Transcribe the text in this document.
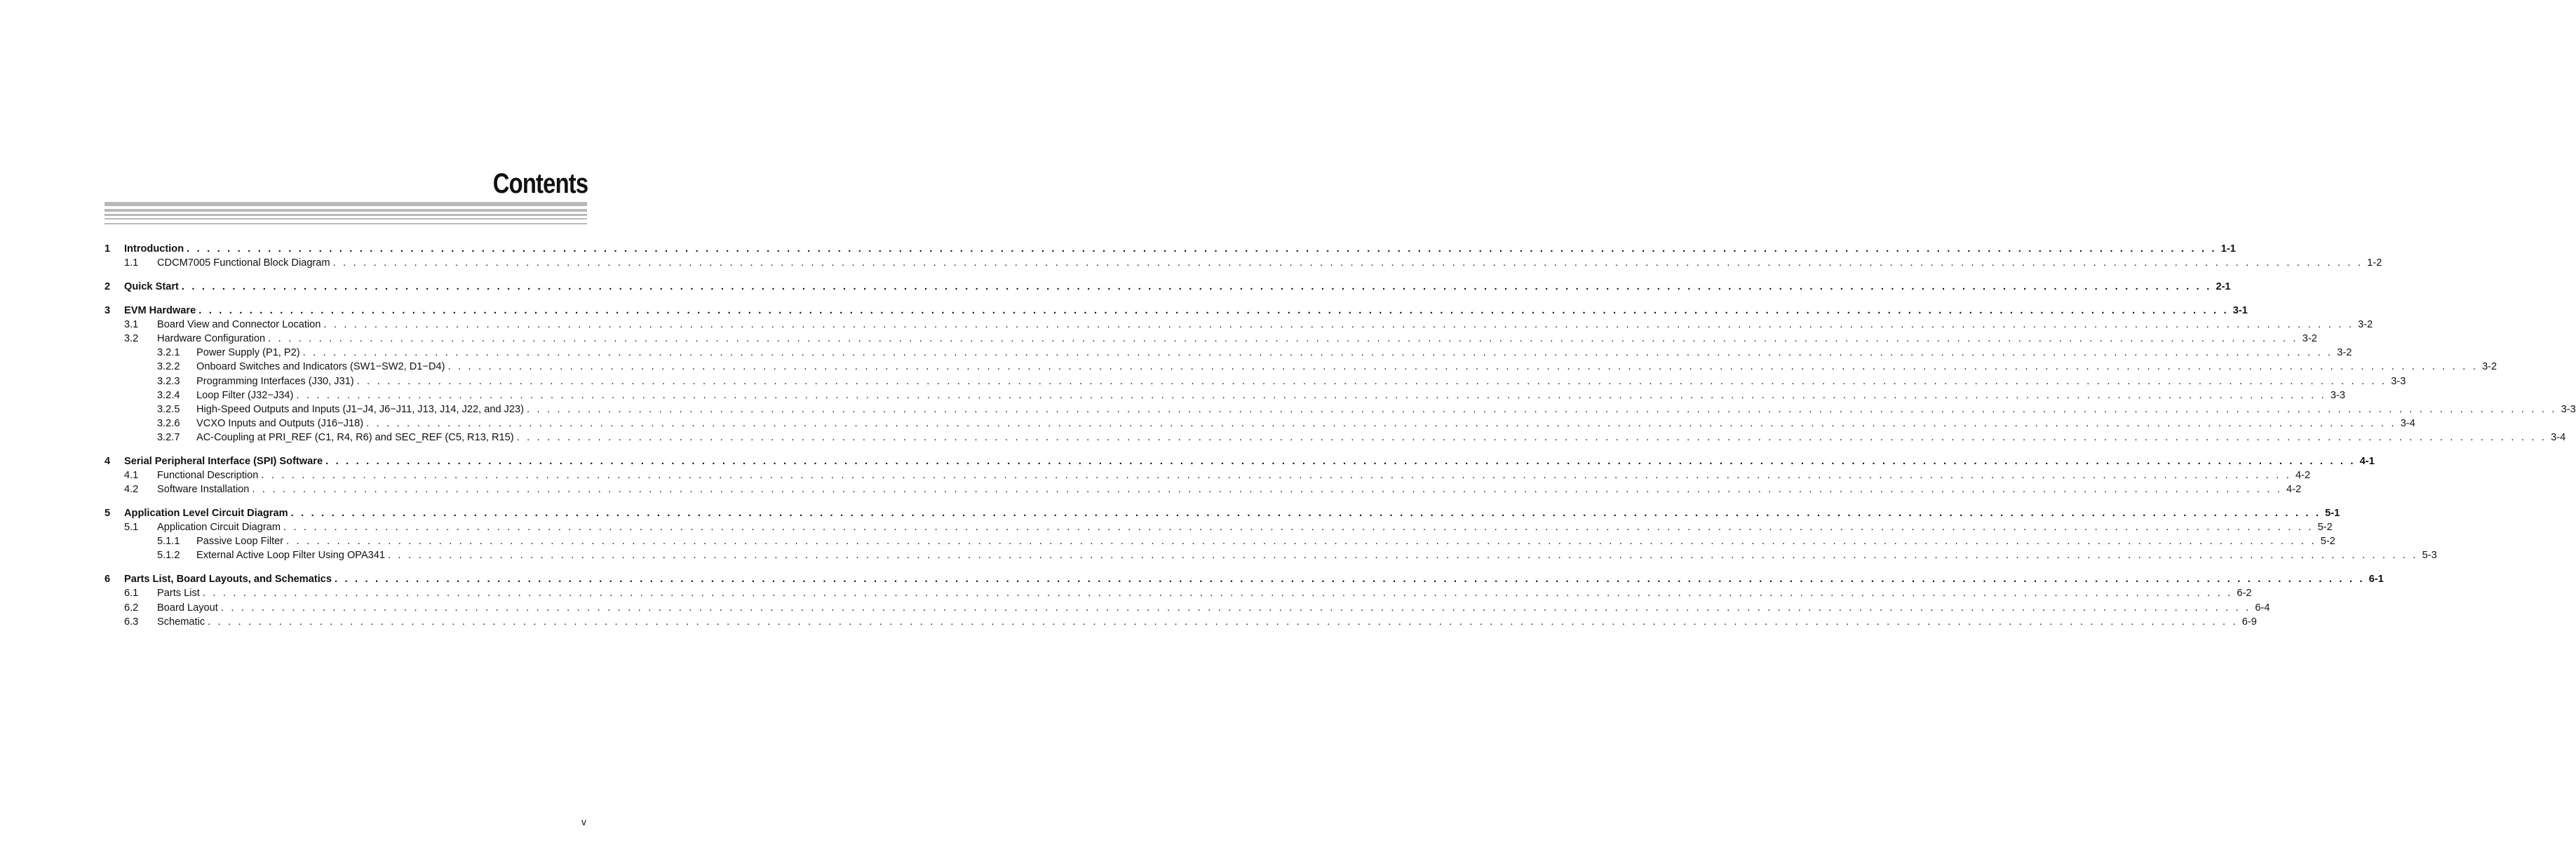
Contents
1 Introduction . . . . . . . . . . . . . . . . . . . . . . . . . . . . . . . . . . . . . . . . . . . . . . . . . . . . . . . . . . . . . . . . . . . . . . . . . . . . . . . . . . . . . . . . . . . . . . . . . . . . . . . . . . . . . . . . . . . . . . . . . . . . . . . . . . . . . . . . . . . . . . . . . . . . . . . . . . . . . . . . . . . . . . . . . . . . . . . . . . . . . . . . . . . . . . . . . . . . . . . . 1-1
1.1 CDCM7005 Functional Block Diagram . . . . . . . . . . . . . . . . . . . . . . . . . . . . . . . . . . . . . . . . . . . . . . . . . . . . . . . . . . . . . . . . . . . . . . . . . . . . . . . . . . . . . . . . . . . . . . . . . . . . . . . . . . . . . . . . . . . . . . . . . . . . . . . . . . . . . . . . . . . . . . . . . . . . . . . . . . . . . . . . . . . . . . . . . . . . . . . . . . . . . . . . . . . . . . . . . . . . . . . . 1-2
2 Quick Start . . . . . . . . . . . . . . . . . . . . . . . . . . . . . . . . . . . . . . . . . . . . . . . . . . . . . . . . . . . . . . . . . . . . . . . . . . . . . . . . . . . . . . . . . . . . . . . . . . . . . . . . . . . . . . . . . . . . . . . . . . . . . . . . . . . . . . . . . . . . . . . . . . . . . . . . . . . . . . . . . . . . . . . . . . . . . . . . . . . . . . . . . . . . . . . . . . . . . . . . 2-1
3 EVM Hardware . . . . . . . . . . . . . . . . . . . . . . . . . . . . . . . . . . . . . . . . . . . . . . . . . . . . . . . . . . . . . . . . . . . . . . . . . . . . . . . . . . . . . . . . . . . . . . . . . . . . . . . . . . . . . . . . . . . . . . . . . . . . . . . . . . . . . . . . . . . . . . . . . . . . . . . . . . . . . . . . . . . . . . . . . . . . . . . . . . . . . . . . . . . . . . . . . . . . . . . . 3-1
3.1 Board View and Connector Location . . . . . . . . . . . . . . . . . . . . . . . . . . . . . . . . . . . . . . . . . . . . . . . . . . . . . . . . . . . . . . . . . . . . . . . . . . . . . . . . . . . . . . . . . . . . . . . . . . . . . . . . . . . . . . . . . . . . . . . . . . . . . . . . . . . . . . . . . . . . . . . . . . . . . . . . . . . . . . . . . . . . . . . . . . . . . . . . . . . . . . . . . . . . . . . . . . . . . . . . 3-2
3.2 Hardware Configuration . . . . . . . . . . . . . . . . . . . . . . . . . . . . . . . . . . . . . . . . . . . . . . . . . . . . . . . . . . . . . . . . . . . . . . . . . . . . . . . . . . . . . . . . . . . . . . . . . . . . . . . . . . . . . . . . . . . . . . . . . . . . . . . . . . . . . . . . . . . . . . . . . . . . . . . . . . . . . . . . . . . . . . . . . . . . . . . . . . . . . . . . . . . . . . . . . . . . . . . . 3-2
3.2.1 Power Supply (P1, P2) . . . . . . . . . . . . . . . . . . . . . . . . . . . . . . . . . . . . . . . . . . . . . . . . . . . . . . . . . . . . . . . . . . . . . . . . . . . . . . . . . . . . . . . . . . . . . . . . . . . . . . . . . . . . . . . . . . . . . . . . . . . . . . . . . . . . . . . . . . . . . . . . . . . . . . . . . . . . . . . . . . . . . . . . . . . . . . . . . . . . . . . . . . . . . . . . . . . . . . . . 3-2
3.2.2 Onboard Switches and Indicators (SW1−SW2, D1−D4) . . . . . . . . . . . . . . . . . . . . . . . . . . . . . . . . . . . . . . . . . . . . . . . . . . . . . . . . . . . . . . . . . . . . . . . . . . . . . . . . . . . . . . . . . . . . . . . . . . . . . . . . . . . . . . . . . . . . . . . . . . . . . . . . . . . . . . . . . . . . . . . . . . . . . . . . . . . . . . . . . . . . . . . . . . . . . . . . . . . . . . . . . . . . . . . . . . . . . . . . 3-2
3.2.3 Programming Interfaces (J30, J31) . . . . . . . . . . . . . . . . . . . . . . . . . . . . . . . . . . . . . . . . . . . . . . . . . . . . . . . . . . . . . . . . . . . . . . . . . . . . . . . . . . . . . . . . . . . . . . . . . . . . . . . . . . . . . . . . . . . . . . . . . . . . . . . . . . . . . . . . . . . . . . . . . . . . . . . . . . . . . . . . . . . . . . . . . . . . . . . . . . . . . . . . . . . . . . . . . . . . . . . . 3-3
3.2.4 Loop Filter (J32−J34) . . . . . . . . . . . . . . . . . . . . . . . . . . . . . . . . . . . . . . . . . . . . . . . . . . . . . . . . . . . . . . . . . . . . . . . . . . . . . . . . . . . . . . . . . . . . . . . . . . . . . . . . . . . . . . . . . . . . . . . . . . . . . . . . . . . . . . . . . . . . . . . . . . . . . . . . . . . . . . . . . . . . . . . . . . . . . . . . . . . . . . . . . . . . . . . . . . . . . . . . 3-3
3.2.5 High-Speed Outputs and Inputs (J1−J4, J6−J11, J13, J14, J22, and J23) . . . . . . . . . . . . . . . . . . . . . . . . . . . . . . . . . . . . . . . . . . . . . . . . . . . . . . . . . . . . . . . . . . . . . . . . . . . . . . . . . . . . . . . . . . . . . . . . . . . . . . . . . . . . . . . . . . . . . . . . . . . . . . . . . . . . . . . . . . . . . . . . . . . . . . . . . . . . . . . . . . . . . . . . . . . . . . . . . . . . . . . . . . . . . . . . . . . . . . . . 3-3
3.2.6 VCXO Inputs and Outputs (J16−J18) . . . . . . . . . . . . . . . . . . . . . . . . . . . . . . . . . . . . . . . . . . . . . . . . . . . . . . . . . . . . . . . . . . . . . . . . . . . . . . . . . . . . . . . . . . . . . . . . . . . . . . . . . . . . . . . . . . . . . . . . . . . . . . . . . . . . . . . . . . . . . . . . . . . . . . . . . . . . . . . . . . . . . . . . . . . . . . . . . . . . . . . . . . . . . . . . . . . . . . . . 3-4
3.2.7 AC-Coupling at PRI_REF (C1, R4, R6) and SEC_REF (C5, R13, R15) . . . . . . . . . . . . . . . . . . . . . . . . . . . . . . . . . . . . . . . . . . . . . . . . . . . . . . . . . . . . . . . . . . . . . . . . . . . . . . . . . . . . . . . . . . . . . . . . . . . . . . . . . . . . . . . . . . . . . . . . . . . . . . . . . . . . . . . . . . . . . . . . . . . . . . . . . . . . . . . . . . . . . . . . . . . . . . . . . . . . . . . . . . . . . . . . . . . . . . . . 3-4
4 Serial Peripheral Interface (SPI) Software . . . . . . . . . . . . . . . . . . . . . . . . . . . . . . . . . . . . . . . . . . . . . . . . . . . . . . . . . . . . . . . . . . . . . . . . . . . . . . . . . . . . . . . . . . . . . . . . . . . . . . . . . . . . . . . . . . . . . . . . . . . . . . . . . . . . . . . . . . . . . . . . . . . . . . . . . . . . . . . . . . . . . . . . . . . . . . . . . . . . . . . . . . . . . . . . . . . . . . . . 4-1
4.1 Functional Description . . . . . . . . . . . . . . . . . . . . . . . . . . . . . . . . . . . . . . . . . . . . . . . . . . . . . . . . . . . . . . . . . . . . . . . . . . . . . . . . . . . . . . . . . . . . . . . . . . . . . . . . . . . . . . . . . . . . . . . . . . . . . . . . . . . . . . . . . . . . . . . . . . . . . . . . . . . . . . . . . . . . . . . . . . . . . . . . . . . . . . . . . . . . . . . . . . . . . . . . 4-2
4.2 Software Installation . . . . . . . . . . . . . . . . . . . . . . . . . . . . . . . . . . . . . . . . . . . . . . . . . . . . . . . . . . . . . . . . . . . . . . . . . . . . . . . . . . . . . . . . . . . . . . . . . . . . . . . . . . . . . . . . . . . . . . . . . . . . . . . . . . . . . . . . . . . . . . . . . . . . . . . . . . . . . . . . . . . . . . . . . . . . . . . . . . . . . . . . . . . . . . . . . . . . . . . . 4-2
5 Application Level Circuit Diagram . . . . . . . . . . . . . . . . . . . . . . . . . . . . . . . . . . . . . . . . . . . . . . . . . . . . . . . . . . . . . . . . . . . . . . . . . . . . . . . . . . . . . . . . . . . . . . . . . . . . . . . . . . . . . . . . . . . . . . . . . . . . . . . . . . . . . . . . . . . . . . . . . . . . . . . . . . . . . . . . . . . . . . . . . . . . . . . . . . . . . . . . . . . . . . . . . . . . . . . . 5-1
5.1 Application Circuit Diagram . . . . . . . . . . . . . . . . . . . . . . . . . . . . . . . . . . . . . . . . . . . . . . . . . . . . . . . . . . . . . . . . . . . . . . . . . . . . . . . . . . . . . . . . . . . . . . . . . . . . . . . . . . . . . . . . . . . . . . . . . . . . . . . . . . . . . . . . . . . . . . . . . . . . . . . . . . . . . . . . . . . . . . . . . . . . . . . . . . . . . . . . . . . . . . . . . . . . . . . . 5-2
5.1.1 Passive Loop Filter . . . . . . . . . . . . . . . . . . . . . . . . . . . . . . . . . . . . . . . . . . . . . . . . . . . . . . . . . . . . . . . . . . . . . . . . . . . . . . . . . . . . . . . . . . . . . . . . . . . . . . . . . . . . . . . . . . . . . . . . . . . . . . . . . . . . . . . . . . . . . . . . . . . . . . . . . . . . . . . . . . . . . . . . . . . . . . . . . . . . . . . . . . . . . . . . . . . . . . . . 5-2
5.1.2 External Active Loop Filter Using OPA341 . . . . . . . . . . . . . . . . . . . . . . . . . . . . . . . . . . . . . . . . . . . . . . . . . . . . . . . . . . . . . . . . . . . . . . . . . . . . . . . . . . . . . . . . . . . . . . . . . . . . . . . . . . . . . . . . . . . . . . . . . . . . . . . . . . . . . . . . . . . . . . . . . . . . . . . . . . . . . . . . . . . . . . . . . . . . . . . . . . . . . . . . . . . . . . . . . . . . . . . . 5-3
6 Parts List, Board Layouts, and Schematics . . . . . . . . . . . . . . . . . . . . . . . . . . . . . . . . . . . . . . . . . . . . . . . . . . . . . . . . . . . . . . . . . . . . . . . . . . . . . . . . . . . . . . . . . . . . . . . . . . . . . . . . . . . . . . . . . . . . . . . . . . . . . . . . . . . . . . . . . . . . . . . . . . . . . . . . . . . . . . . . . . . . . . . . . . . . . . . . . . . . . . . . . . . . . . . . . . . . . . . . 6-1
6.1 Parts List . . . . . . . . . . . . . . . . . . . . . . . . . . . . . . . . . . . . . . . . . . . . . . . . . . . . . . . . . . . . . . . . . . . . . . . . . . . . . . . . . . . . . . . . . . . . . . . . . . . . . . . . . . . . . . . . . . . . . . . . . . . . . . . . . . . . . . . . . . . . . . . . . . . . . . . . . . . . . . . . . . . . . . . . . . . . . . . . . . . . . . . . . . . . . . . . . . . . . . . . 6-2
6.2 Board Layout . . . . . . . . . . . . . . . . . . . . . . . . . . . . . . . . . . . . . . . . . . . . . . . . . . . . . . . . . . . . . . . . . . . . . . . . . . . . . . . . . . . . . . . . . . . . . . . . . . . . . . . . . . . . . . . . . . . . . . . . . . . . . . . . . . . . . . . . . . . . . . . . . . . . . . . . . . . . . . . . . . . . . . . . . . . . . . . . . . . . . . . . . . . . . . . . . . . . . . . . 6-4
6.3 Schematic . . . . . . . . . . . . . . . . . . . . . . . . . . . . . . . . . . . . . . . . . . . . . . . . . . . . . . . . . . . . . . . . . . . . . . . . . . . . . . . . . . . . . . . . . . . . . . . . . . . . . . . . . . . . . . . . . . . . . . . . . . . . . . . . . . . . . . . . . . . . . . . . . . . . . . . . . . . . . . . . . . . . . . . . . . . . . . . . . . . . . . . . . . . . . . . . . . . . . . . . 6-9
v
